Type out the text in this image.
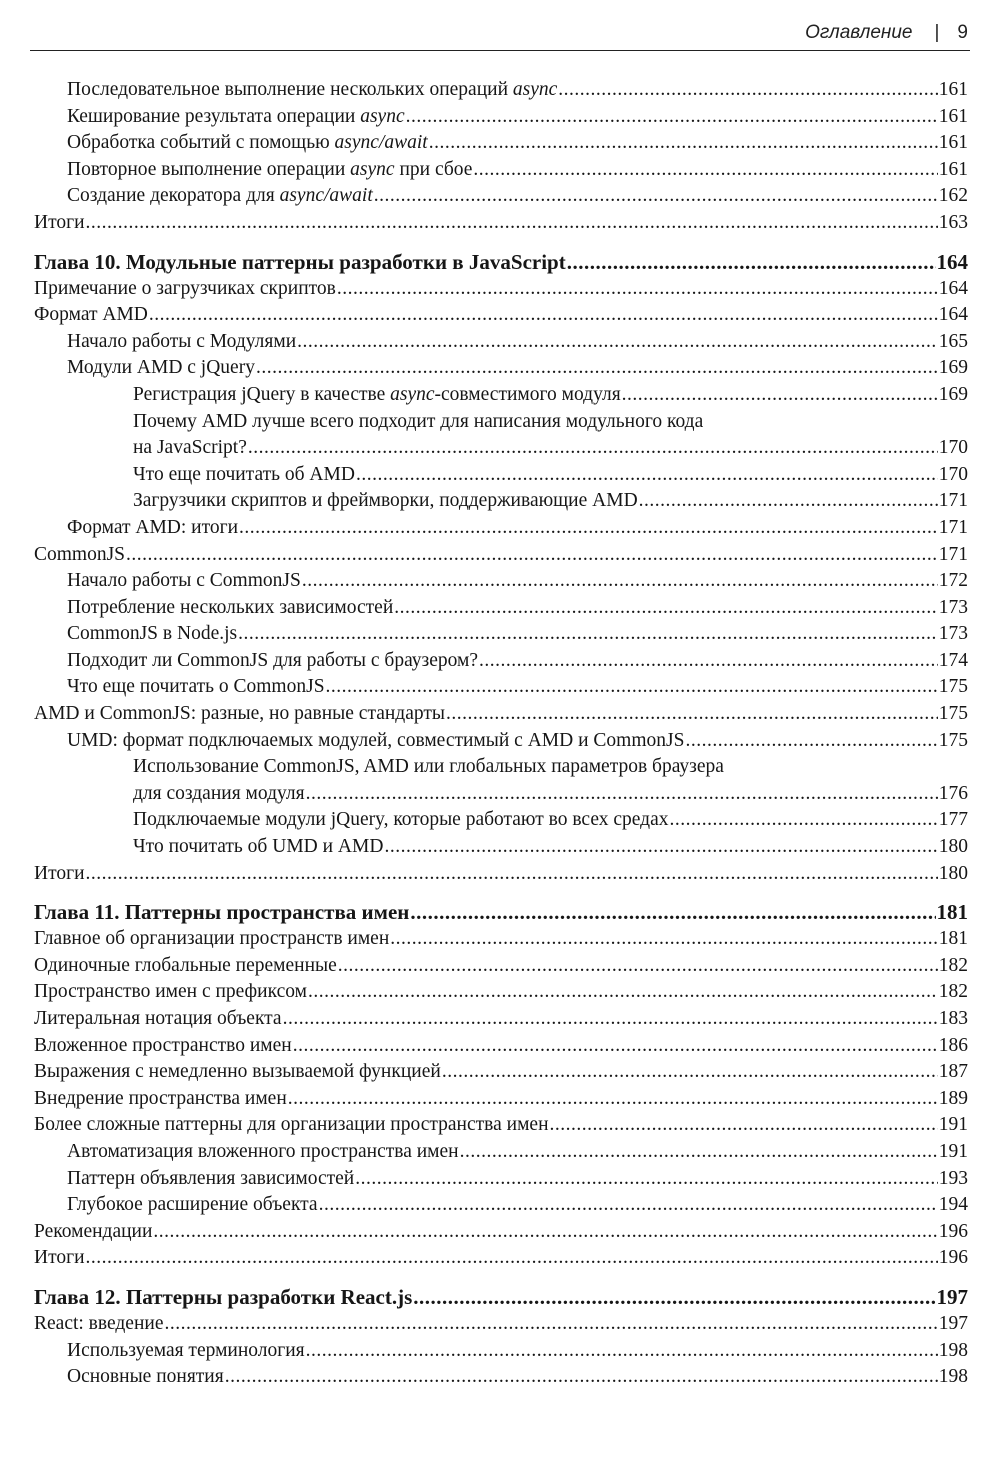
Оглавление | 9
Последовательное выполнение нескольких операций async .....	161
Кеширование результата операции async .....	161
Обработка событий с помощью async/await .....	161
Повторное выполнение операции async при сбое .....	161
Создание декоратора для async/await .....	162
Итоги .....	163
Глава 10. Модульные паттерны разработки в JavaScript .....	164
Примечание о загрузчиках скриптов .....	164
Формат AMD .....	164
Начало работы с Модулями .....	165
Модули AMD с jQuery .....	169
Регистрация jQuery в качестве async-совместимого модуля .....	169
Почему AMD лучше всего подходит для написания модульного кода
на JavaScript? .....	170
Что еще почитать об AMD .....	170
Загрузчики скриптов и фреймворки, поддерживающие AMD .....	171
Формат AMD: итоги .....	171
CommonJS .....	171
Начало работы с CommonJS .....	172
Потребление нескольких зависимостей .....	173
CommonJS в Node.js .....	173
Подходит ли CommonJS для работы с браузером? .....	174
Что еще почитать о CommonJS .....	175
AMD и CommonJS: разные, но равные стандарты .....	175
UMD: формат подключаемых модулей, совместимый с AMD и CommonJS .....	175
Использование CommonJS, AMD или глобальных параметров браузера
для создания модуля .....	176
Подключаемые модули jQuery, которые работают во всех средах .....	177
Что почитать об UMD и AMD .....	180
Итоги .....	180
Глава 11. Паттерны пространства имен .....	181
Главное об организации пространств имен .....	181
Одиночные глобальные переменные .....	182
Пространство имен с префиксом .....	182
Литеральная нотация объекта .....	183
Вложенное пространство имен .....	186
Выражения с немедленно вызываемой функцией .....	187
Внедрение пространства имен .....	189
Более сложные паттерны для организации пространства имен .....	191
Автоматизация вложенного пространства имен .....	191
Паттерн объявления зависимостей .....	193
Глубокое расширение объекта .....	194
Рекомендации .....	196
Итоги .....	196
Глава 12. Паттерны разработки React.js .....	197
React: введение .....	197
Используемая терминология .....	198
Основные понятия .....	198
